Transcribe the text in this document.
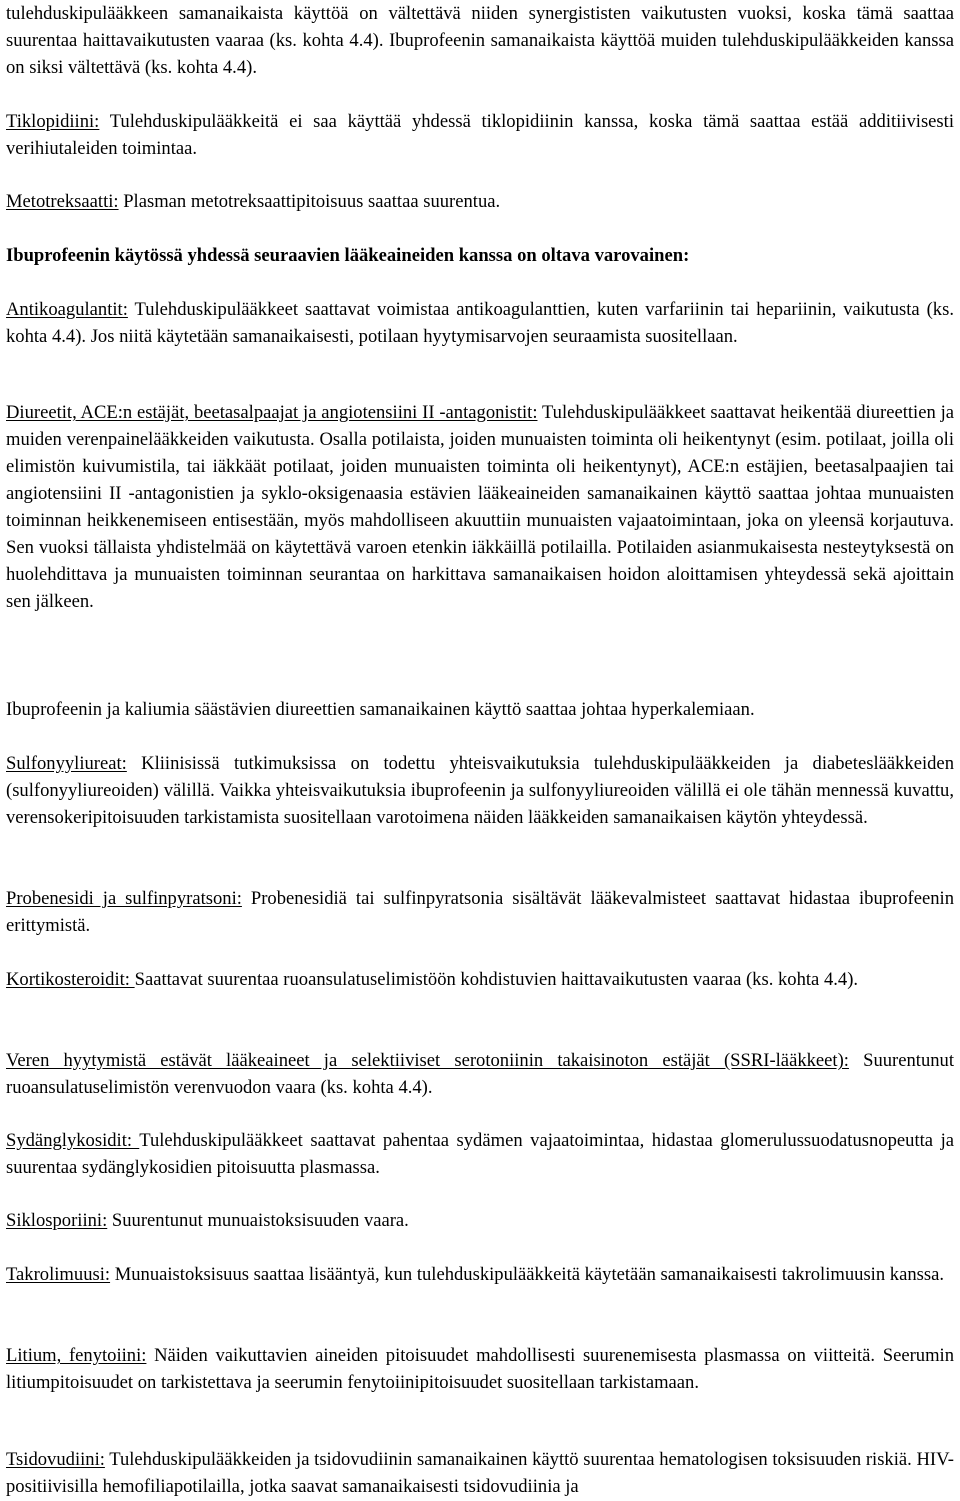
tulehduskipulääkkeen samanaikaista käyttöä on vältettävä niiden synergististen vaikutusten vuoksi, koska tämä saattaa suurentaa haittavaikutusten vaaraa (ks. kohta 4.4). Ibuprofeenin samanaikaista käyttöä muiden tulehduskipulääkkeiden kanssa on siksi vältettävä (ks. kohta 4.4).

Tiklopidiini: Tulehduskipulääkkeitä ei saa käyttää yhdessä tiklopidiinin kanssa, koska tämä saattaa estää additiivisesti verihiutaleiden toimintaa.

Metotreksaatti: Plasman metotreksaattipitoisuus saattaa suurentua.

Ibuprofeenin käytössä yhdessä seuraavien lääkeaineiden kanssa on oltava varovainen:

Antikoagulantit: Tulehduskipulääkkeet saattavat voimistaa antikoagulanttien, kuten varfariinin tai hepariinin, vaikutusta (ks. kohta 4.4). Jos niitä käytetään samanaikaisesti, potilaan hyytymisarvojen seuraamista suositellaan.

Diureetit, ACE:n estäjät, beetasalpaajat ja angiotensiini II -antagonistit: Tulehduskipulääkkeet saattavat heikentää diureettien ja muiden verenpainelääkkeiden vaikutusta. Osalla potilaista, joiden munuaisten toiminta oli heikentynyt (esim. potilaat, joilla oli elimistön kuivumistila, tai iäkkäät potilaat, joiden munuaisten toiminta oli heikentynyt), ACE:n estäjien, beetasalpaajien tai angiotensiini II -antagonistien ja syklo-oksigenaasia estävien lääkeaineiden samanaikainen käyttö saattaa johtaa munuaisten toiminnan heikkenemiseen entisestään, myös mahdolliseen akuuttiin munuaisten vajaatoimintaan, joka on yleensä korjautuva. Sen vuoksi tällaista yhdistelmää on käytettävä varoen etenkin iäkkäillä potilailla. Potilaiden asianmukaisesta nesteytyksestä on huolehdittava ja munuaisten toiminnan seurantaa on harkittava samanaikaisen hoidon aloittamisen yhteydessä sekä ajoittain sen jälkeen.

Ibuprofeenin ja kaliumia säästävien diureettien samanaikainen käyttö saattaa johtaa hyperkalemiaan.

Sulfonyyliureat: Kliinisissä tutkimuksissa on todettu yhteisvaikutuksia tulehduskipulääkkeiden ja diabeteslääkkeiden (sulfonyyliureoiden) välillä. Vaikka yhteisvaikutuksia ibuprofeenin ja sulfonyyliureoiden välillä ei ole tähän mennessä kuvattu, verensokeripitoisuuden tarkistamista suositellaan varotoimena näiden lääkkeiden samanaikaisen käytön yhteydessä.

Probenesidi ja sulfinpyratsoni: Probenesidiä tai sulfinpyratsonia sisältävät lääkevalmisteet saattavat hidastaa ibuprofeenin erittymistä.

Kortikosteroidit: Saattavat suurentaa ruoansulatuselimistöön kohdistuvien haittavaikutusten vaaraa (ks. kohta 4.4).

Veren hyytymistä estävät lääkeaineet ja selektiiviset serotoniinin takaisinoton estäjät (SSRI-lääkkeet): Suurentunut ruoansulatuselimistön verenvuodon vaara (ks. kohta 4.4).

Sydänglykosidit: Tulehduskipulääkkeet saattavat pahentaa sydämen vajaatoimintaa, hidastaa glomerulussuodatusnopeutta ja suurentaa sydänglykosidien pitoisuutta plasmassa.

Siklosporiini: Suurentunut munuaistoksisuuden vaara.

Takrolimuusi: Munuaistoksisuus saattaa lisääntyä, kun tulehduskipulääkkeitä käytetään samanaikaisesti takrolimuusin kanssa.

Litium, fenytoiini: Näiden vaikuttavien aineiden pitoisuudet mahdollisesti suurenemisesta plasmassa on viitteitä. Seerumin litiumpitoisuudet on tarkistettava ja seerumin fenytoiinipitoisuudet suositellaan tarkistamaan.

Tsidovudiini: Tulehduskipulääkkeiden ja tsidovudiinin samanaikainen käyttö suurentaa hematologisen toksisuuden riskiä. HIV-positiivisilla hemofiliapotilailla, jotka saavat samanaikaisesti tsidovudiinia ja
